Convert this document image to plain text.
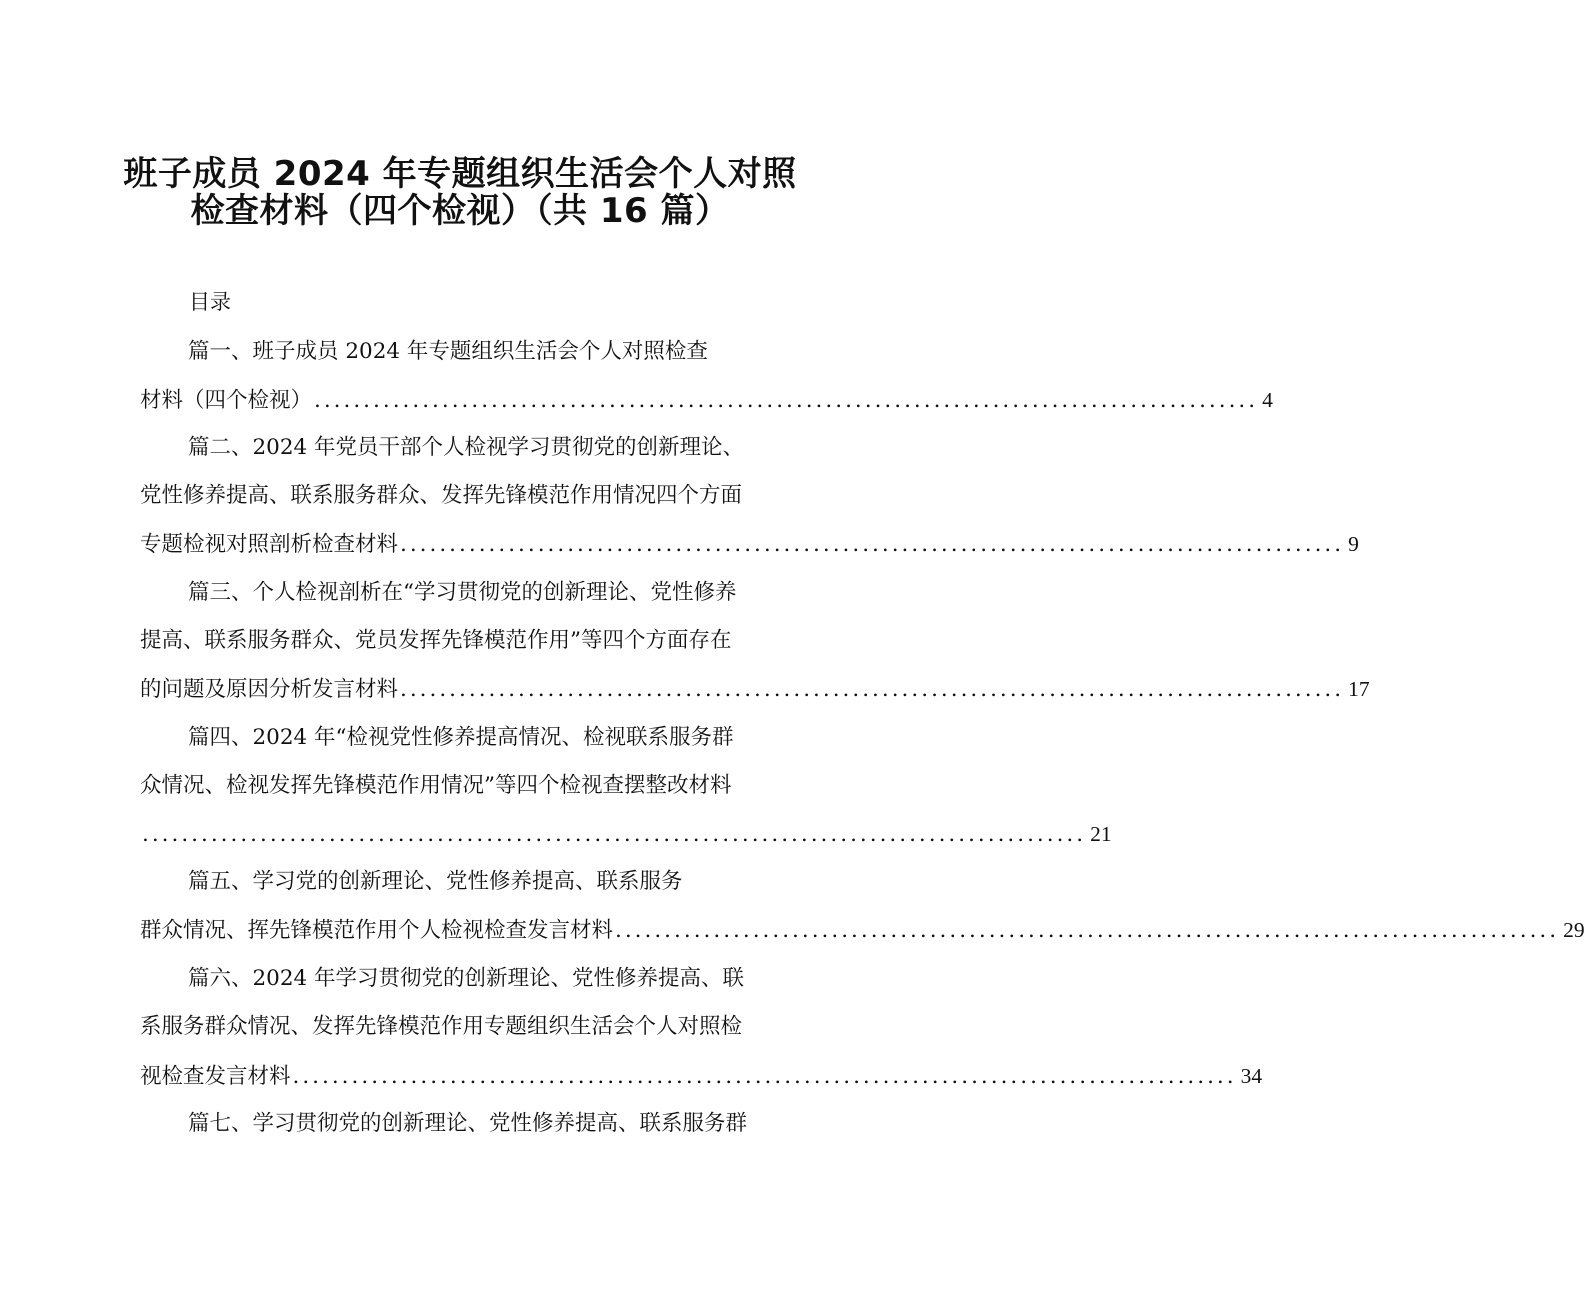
班子成员 2024 年专题组织生活会个人对照
检查材料（四个检视）（共 16 篇）
目录
篇一、班子成员 2024 年专题组织生活会个人对照检查
材料（四个检视） ................................................................................................ 4
篇二、2024 年党员干部个人检视学习贯彻党的创新理论、
党性修养提高、联系服务群众、发挥先锋模范作用情况四个方面
专题检视对照剖析检查材料 ................................................................................................ 9
篇三、个人检视剖析在“学习贯彻党的创新理论、党性修养
提高、联系服务群众、党员发挥先锋模范作用”等四个方面存在
的问题及原因分析发言材料 ................................................................................................ 17
篇四、2024 年“检视党性修养提高情况、检视联系服务群
众情况、检视发挥先锋模范作用情况”等四个检视查摆整改材料
................................................................................................ 21
篇五、学习党的创新理论、党性修养提高、联系服务
群众情况、挥先锋模范作用个人检视检查发言材料 ................................................................................................ 29
篇六、2024 年学习贯彻党的创新理论、党性修养提高、联
系服务群众情况、发挥先锋模范作用专题组织生活会个人对照检
视检查发言材料 ................................................................................................ 34
篇七、学习贯彻党的创新理论、党性修养提高、联系服务群
